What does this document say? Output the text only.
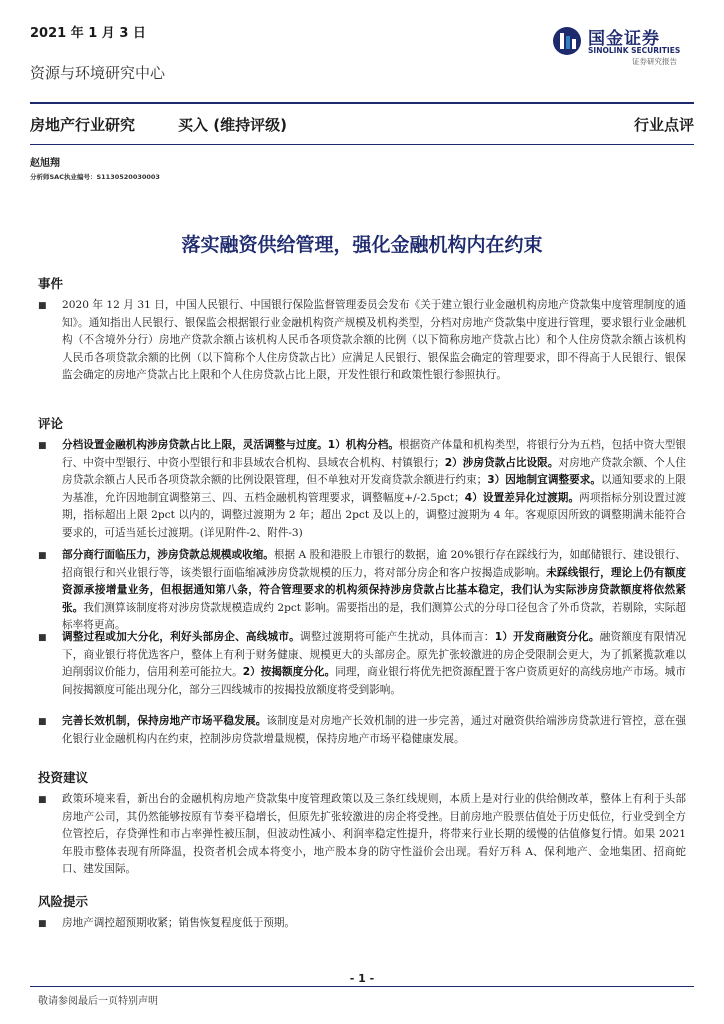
2021 年 1 月 3 日	国金证券
SINOLINK SECURITIES
证券研究报告
资源与环境研究中心
房地产行业研究	买入 (维持评级)	行业点评
赵旭翔
分析师SAC执业编号：S1130520030003
落实融资供给管理，强化金融机构内在约束
事件
■ 2020 年 12 月 31 日，中国人民银行、中国银行保险监督管理委员会发布《关于建立银行业金融机构房地产贷款集中度管理制度的通知》。通知指出人民银行、银保监会根据银行业金融机构资产规模及机构类型，分档对房地产贷款集中度进行管理，要求银行业金融机构（不含境外分行）房地产贷款余额占该机构人民币各项贷款余额的比例（以下简称房地产贷款占比）和个人住房贷款余额占该机构人民币各项贷款余额的比例（以下简称个人住房贷款占比）应满足人民银行、银保监会确定的管理要求，即不得高于人民银行、银保监会确定的房地产贷款占比上限和个人住房贷款占比上限，开发性银行和政策性银行参照执行。
评论
■ 分档设置金融机构涉房贷款占比上限，灵活调整与过度。1）机构分档。根据资产体量和机构类型，将银行分为五档，包括中资大型银行、中资中型银行、中资小型银行和非县域农合机构、县域农合机构、村镇银行；2）涉房贷款占比设限。对房地产贷款余额、个人住房贷款余额占人民币各项贷款余额的比例设限管理，但不单独对开发商贷款余额进行约束；3）因地制宜调整要求。以通知要求的上限为基准，允许因地制宜调整第三、四、五档金融机构管理要求，调整幅度+/-2.5pct；4）设置差异化过渡期。两项指标分别设置过渡期，指标超出上限 2pct 以内的，调整过渡期为 2 年；超出 2pct 及以上的，调整过渡期为 4 年。客观原因所致的调整期满未能符合要求的，可适当延长过渡期。(详见附件-2、附件-3)
■ 部分商行面临压力，涉房贷款总规模或收缩。根据 A 股和港股上市银行的数据，逾 20%银行存在踩线行为，如邮储银行、建设银行、招商银行和兴业银行等，该类银行面临缩减涉房贷款规模的压力，将对部分房企和客户按揭造成影响。未踩线银行，理论上仍有额度资源承接增量业务，但根据通知第八条，符合管理要求的机构须保持涉房贷款占比基本稳定，我们认为实际涉房贷款额度将依然紧张。我们测算该制度将对涉房贷款规模造成约 2pct 影响。需要指出的是，我们测算公式的分母口径包含了外币贷款，若剔除，实际超标率将更高。
■ 调整过程或加大分化，利好头部房企、高线城市。调整过渡期将可能产生扰动，具体而言：1）开发商融资分化。融资额度有限情况下，商业银行将优选客户，整体上有利于财务健康、规模更大的头部房企。原先扩张较激进的房企受限制会更大，为了抓紧揽款难以迫削弱议价能力，信用利差可能拉大。2）按揭额度分化。同理，商业银行将优先把资源配置于客户资质更好的高线房地产市场。城市间按揭额度可能出现分化，部分三四线城市的按揭投放额度将受到影响。
■ 完善长效机制，保持房地产市场平稳发展。该制度是对房地产长效机制的进一步完善，通过对融资供给端涉房贷款进行管控，意在强化银行业金融机构内在约束，控制涉房贷款增量规模，保持房地产市场平稳健康发展。
投资建议
■ 政策环境来看，新出台的金融机构房地产贷款集中度管理政策以及三条红线规则，本质上是对行业的供给侧改革，整体上有利于头部房地产公司，其仍然能够按原有节奏平稳增长，但原先扩张较激进的房企将受挫。目前房地产股票估值处于历史低位，行业受到全方位管控后，存贷弹性和市占率弹性被压制，但波动性减小、利润率稳定性提升，将带来行业长期的缓慢的估值修复行情。如果 2021 年股市整体表现有所降温，投资者机会成本将变小，地产股本身的防守性溢价会出现。看好万科 A、保利地产、金地集团、招商蛇口、建发国际。
风险提示
■ 房地产调控超预期收紧；销售恢复程度低于预期。
- 1 -
敬请参阅最后一页特别声明
